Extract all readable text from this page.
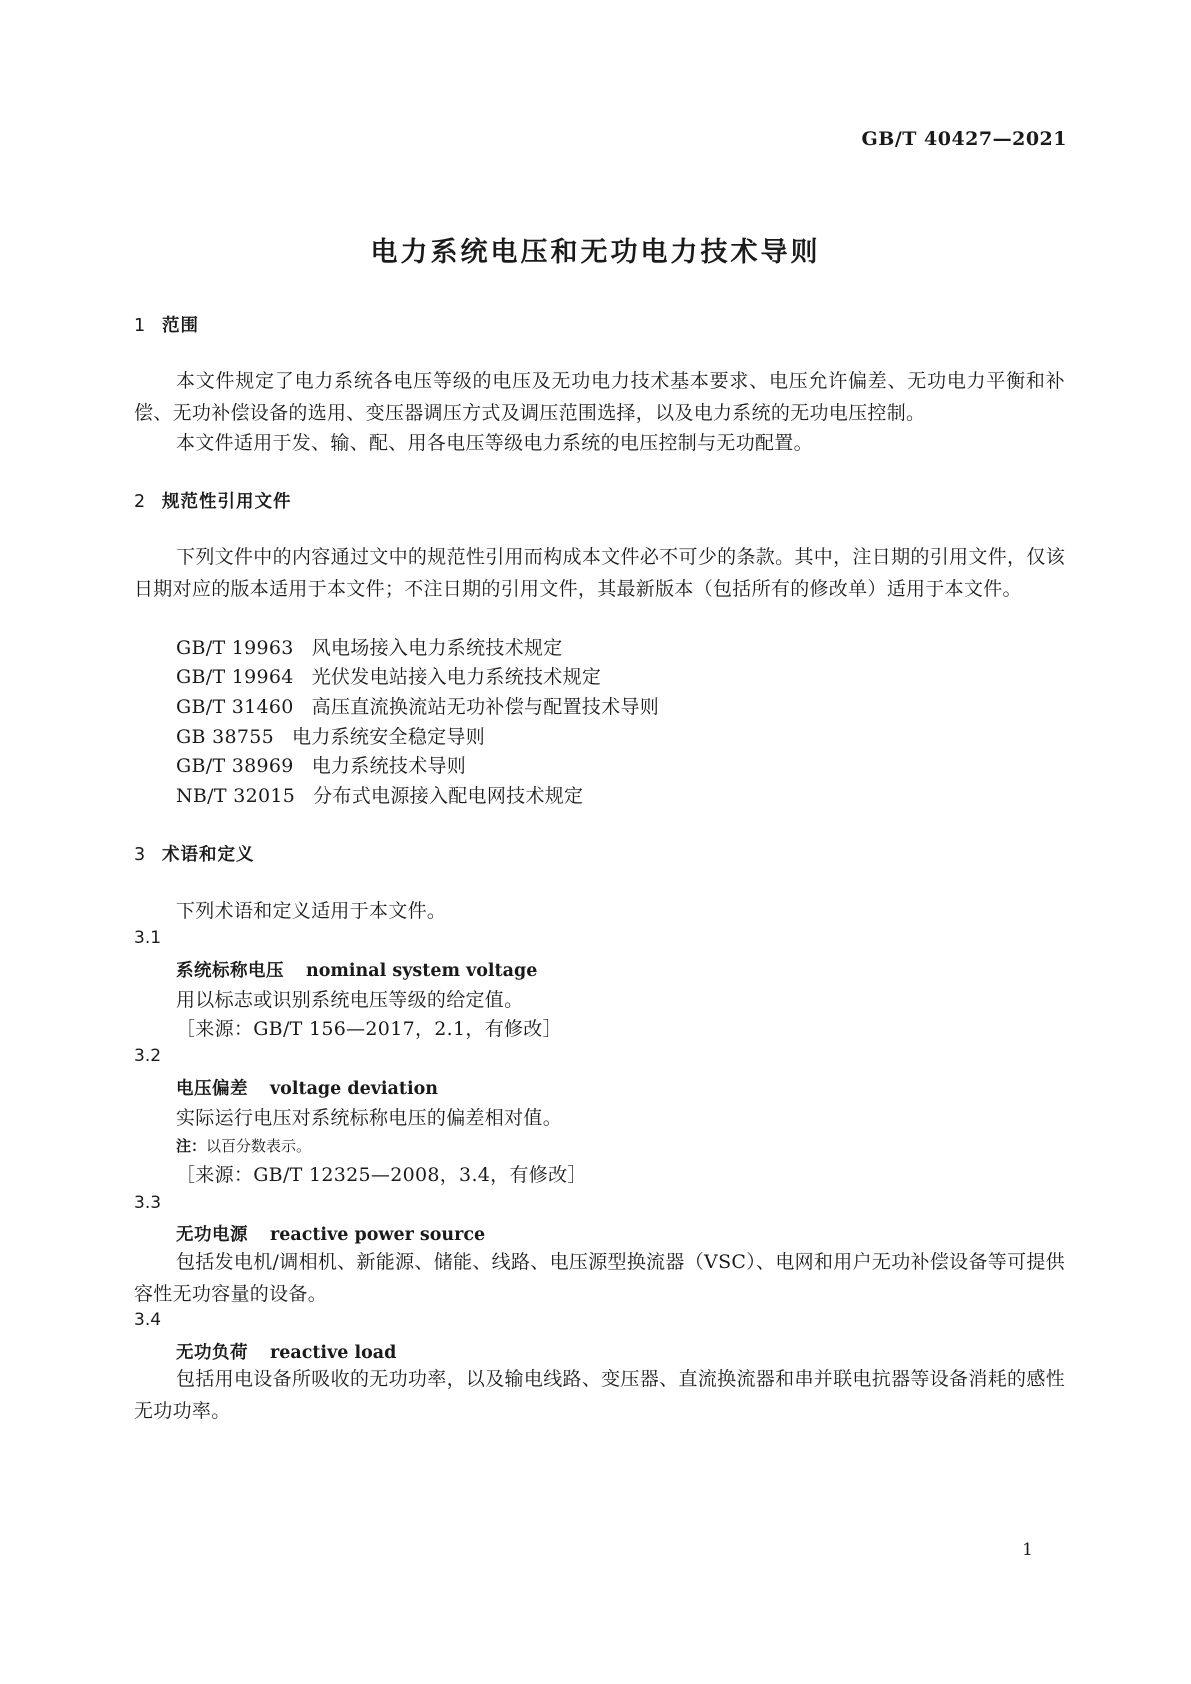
GB/T 40427—2021
电力系统电压和无功电力技术导则
1 范围
本文件规定了电力系统各电压等级的电压及无功电力技术基本要求、电压允许偏差、无功电力平衡和补偿、无功补偿设备的选用、变压器调压方式及调压范围选择，以及电力系统的无功电压控制。
本文件适用于发、输、配、用各电压等级电力系统的电压控制与无功配置。
2 规范性引用文件
下列文件中的内容通过文中的规范性引用而构成本文件必不可少的条款。其中，注日期的引用文件，仅该日期对应的版本适用于本文件；不注日期的引用文件，其最新版本（包括所有的修改单）适用于本文件。
GB/T 19963 风电场接入电力系统技术规定
GB/T 19964 光伏发电站接入电力系统技术规定
GB/T 31460 高压直流换流站无功补偿与配置技术导则
GB 38755 电力系统安全稳定导则
GB/T 38969 电力系统技术导则
NB/T 32015 分布式电源接入配电网技术规定
3 术语和定义
下列术语和定义适用于本文件。
3.1
系统标称电压 nominal system voltage
用以标志或识别系统电压等级的给定值。
［来源：GB/T 156—2017，2.1，有修改］
3.2
电压偏差 voltage deviation
实际运行电压对系统标称电压的偏差相对值。
注：以百分数表示。
［来源：GB/T 12325—2008，3.4，有修改］
3.3
无功电源 reactive power source
包括发电机/调相机、新能源、储能、线路、电压源型换流器（VSC）、电网和用户无功补偿设备等可提供容性无功容量的设备。
3.4
无功负荷 reactive load
包括用电设备所吸收的无功功率，以及输电线路、变压器、直流换流器和串并联电抗器等设备消耗的感性无功功率。
1
